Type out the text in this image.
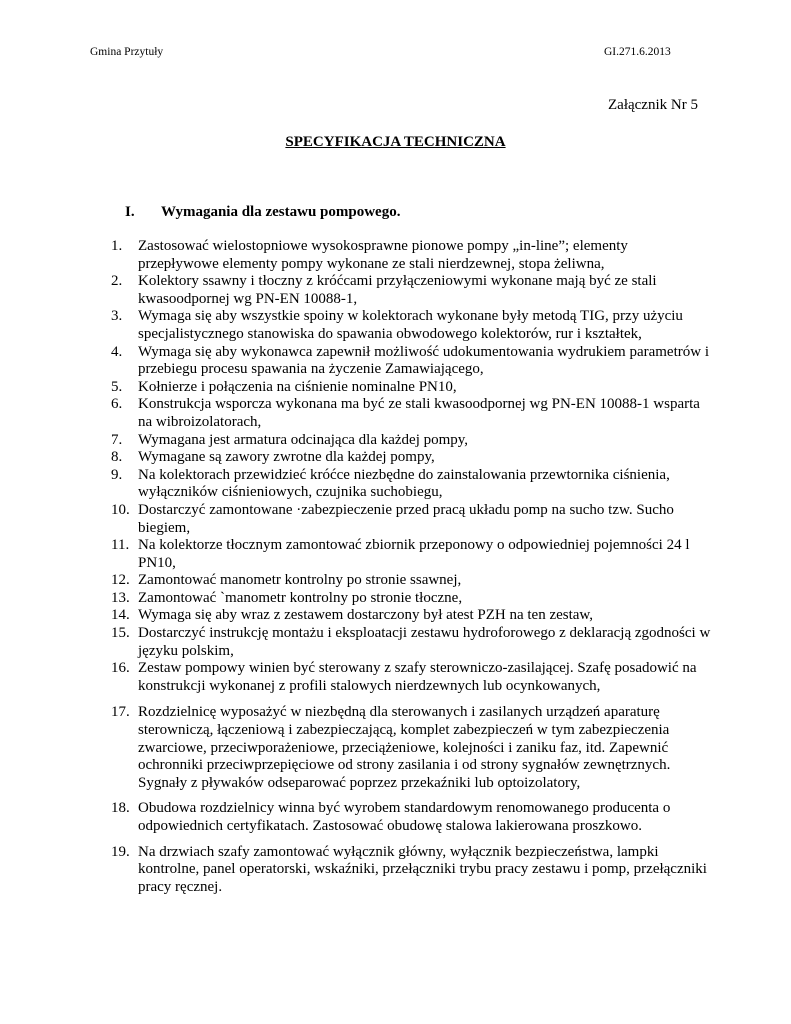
Gmina Przytuły	GI.271.6.2013
Załącznik Nr 5
SPECYFIKACJA TECHNICZNA
I. Wymagania dla zestawu pompowego.
1.	Zastosować wielostopniowe wysokosprawne pionowe pompy „in-line”; elementy przepływowe elementy pompy wykonane ze stali nierdzewnej, stopa żeliwna,
2.	Kolektory ssawny i tłoczny z króćcami przyłączeniowymi wykonane mają być ze stali kwasoodpornej wg PN-EN 10088-1,
3.	Wymaga się aby wszystkie spoiny w kolektorach wykonane były metodą TIG, przy użyciu specjalistycznego stanowiska do spawania obwodowego kolektorów, rur i kształtek,
4.	Wymaga się aby wykonawca zapewnił możliwość udokumentowania wydrukiem parametrów i przebiegu procesu spawania na życzenie Zamawiającego,
5.	Kołnierze i połączenia na ciśnienie nominalne PN10,
6.	Konstrukcja wsporcza wykonana ma być ze stali kwasoodpornej wg PN-EN 10088-1 wsparta na wibroizolatorach,
7.	Wymagana jest armatura odcinająca dla każdej pompy,
8.	Wymagane są zawory zwrotne dla każdej pompy,
9.	Na kolektorach przewidzieć króćce niezbędne do zainstalowania przewtornika ciśnienia, wyłączników ciśnieniowych, czujnika suchobiegu,
10. Dostarczyć zamontowane ·zabezpieczenie przed pracą układu pomp na sucho tzw. Sucho biegiem,
11. Na kolektorze tłocznym zamontować zbiornik przeponowy o odpowiedniej pojemności 24 l PN10,
12. Zamontować manometr kontrolny po stronie ssawnej,
13. Zamontować `manometr kontrolny po stronie tłoczne,
14. Wymaga się aby wraz z zestawem dostarczony był atest PZH na ten zestaw,
15. Dostarczyć instrukcję montażu i eksploatacji zestawu hydroforowego z deklaracją zgodności w języku polskim,
16. Zestaw pompowy winien być sterowany z szafy sterowniczo-zasilającej. Szafę posadowić na konstrukcji wykonanej z profili stalowych nierdzewnych lub ocynkowanych,
17. Rozdzielnicę wyposażyć w niezbędną dla sterowanych i zasilanych urządzeń aparaturę sterowniczą, łączeniową i zabezpieczającą, komplet zabezpieczeń w tym zabezpieczenia zwarciowe, przeciwporażeniowe, przeciążeniowe, kolejności i zaniku faz, itd. Zapewnić ochronniki przeciwprzepięciowe od strony zasilania i od strony sygnałów zewnętrznych. Sygnały z pływaków odseparować poprzez przekaźniki lub optoizolatory,
18. Obudowa rozdzielnicy winna być wyrobem standardowym renomowanego producenta o odpowiednich certyfikatach. Zastosować obudowę stalowa lakierowana proszkowo.
19. Na drzwiach szafy zamontować wyłącznik główny, wyłącznik bezpieczeństwa, lampki kontrolne, panel operatorski, wskaźniki, przełączniki trybu pracy zestawu i pomp, przełączniki pracy ręcznej.
